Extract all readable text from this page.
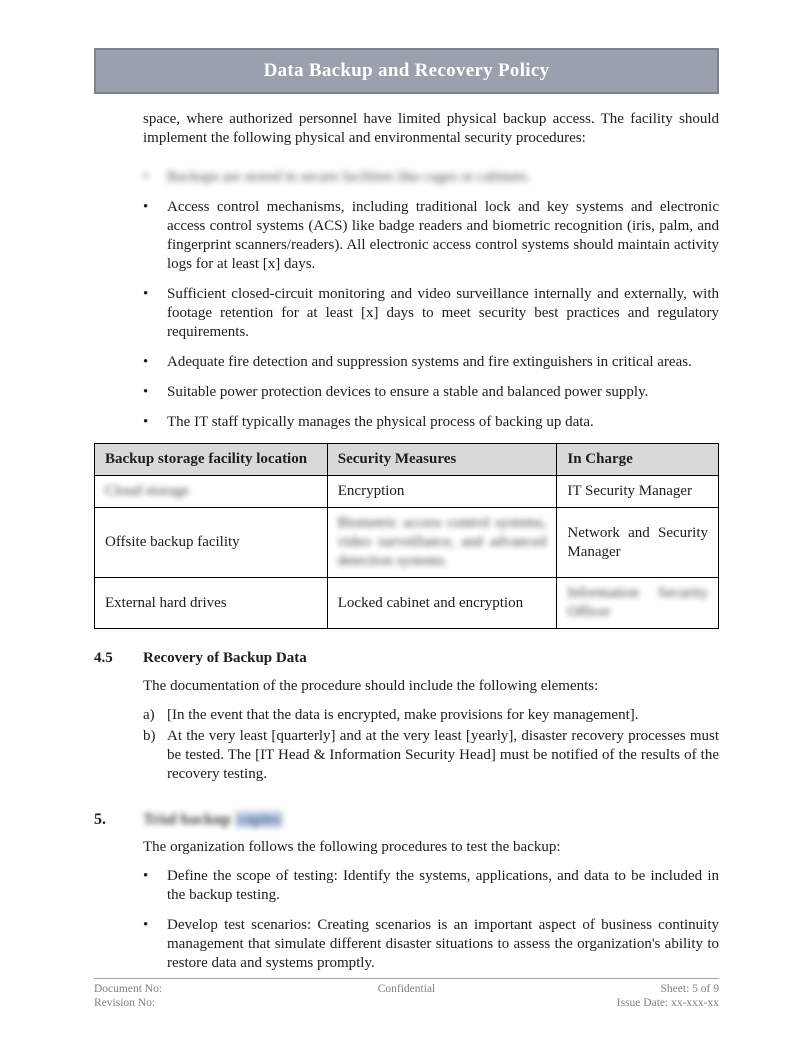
Data Backup and Recovery Policy

space, where authorized personnel have limited physical backup access. The facility should implement the following physical and environmental security procedures:

•
Backups are stored in secure facilities like cages or cabinets.
•
Access control mechanisms, including traditional lock and key systems and electronic access control systems (ACS) like badge readers and biometric recognition (iris, palm, and fingerprint scanners/readers). All electronic access control systems should maintain activity logs for at least [x] days.
•
Sufficient closed-circuit monitoring and video surveillance internally and externally, with footage retention for at least [x] days to meet security best practices and regulatory requirements.
•
Adequate fire detection and suppression systems and fire extinguishers in critical areas.
•
Suitable power protection devices to ensure a stable and balanced power supply.
•
The IT staff typically manages the physical process of backing up data.
Backup storage facility location	Security Measures	In Charge
Cloud storage	Encryption	IT Security Manager
Offsite backup facility	Biometric access control systems, video surveillance, and advanced detection systems.	Network and Security Manager
External hard drives	Locked cabinet and encryption	Information Security Officer
4.5	Recovery of Backup Data

The documentation of the procedure should include the following elements:

a) [In the event that the data is encrypted, make provisions for key management].
b) At the very least [quarterly] and at the very least [yearly], disaster recovery processes must be tested. The [IT Head & Information Security Head] must be notified of the results of the recovery testing.
5.	Trial backup copies

The organization follows the following procedures to test the backup:

•
Define the scope of testing: Identify the systems, applications, and data to be included in the backup testing.
•
Develop test scenarios: Creating scenarios is an important aspect of business continuity management that simulate different disaster situations to assess the organization's ability to restore data and systems promptly.
Document No:
Revision No:
Confidential	Sheet: 5 of 9
Issue Date: xx-xxx-xx
